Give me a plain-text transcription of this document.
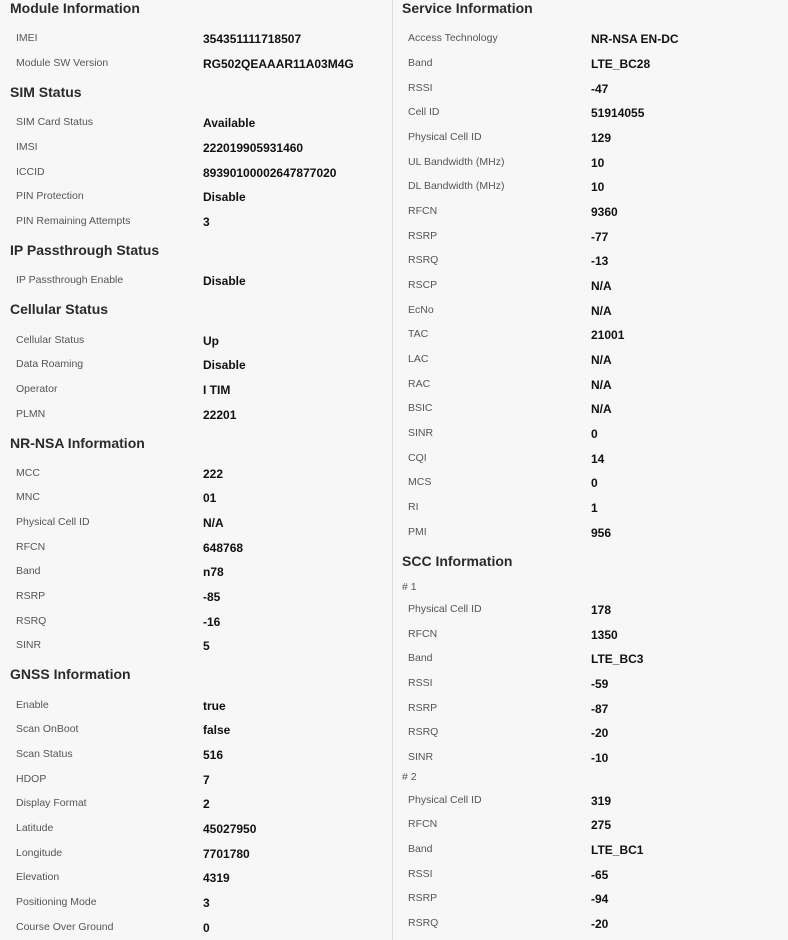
Module Information
IMEI	354351111718507
Module SW Version	RG502QEAAAR11A03M4G
SIM Status
SIM Card Status	Available
IMSI	222019905931460
ICCID	89390100002647877020
PIN Protection	Disable
PIN Remaining Attempts	3
IP Passthrough Status
IP Passthrough Enable	Disable
Cellular Status
Cellular Status	Up
Data Roaming	Disable
Operator	I TIM
PLMN	22201
NR-NSA Information
MCC	222
MNC	01
Physical Cell ID	N/A
RFCN	648768
Band	n78
RSRP	-85
RSRQ	-16
SINR	5
GNSS Information
Enable	true
Scan OnBoot	false
Scan Status	516
HDOP	7
Display Format	2
Latitude	45027950
Longitude	7701780
Elevation	4319
Positioning Mode	3
Course Over Ground	0
Service Information
Access Technology	NR-NSA EN-DC
Band	LTE_BC28
RSSI	-47
Cell ID	51914055
Physical Cell ID	129
UL Bandwidth (MHz)	10
DL Bandwidth (MHz)	10
RFCN	9360
RSRP	-77
RSRQ	-13
RSCP	N/A
EcNo	N/A
TAC	21001
LAC	N/A
RAC	N/A
BSIC	N/A
SINR	0
CQI	14
MCS	0
RI	1
PMI	956
SCC Information
# 1
Physical Cell ID	178
RFCN	1350
Band	LTE_BC3
RSSI	-59
RSRP	-87
RSRQ	-20
SINR	-10
# 2
Physical Cell ID	319
RFCN	275
Band	LTE_BC1
RSSI	-65
RSRP	-94
RSRQ	-20
